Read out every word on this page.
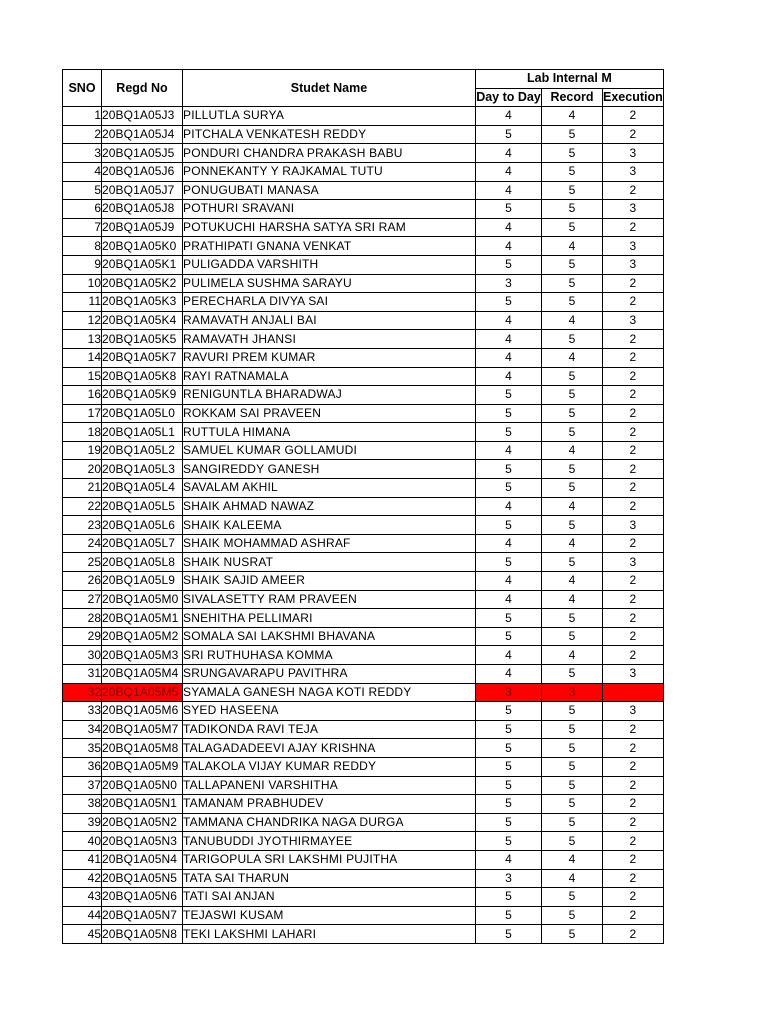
SNO	Regd No	Studet Name	Lab Internal M		
			Day to Day	Record	Execution
1	20BQ1A05J3	PILLUTLA SURYA	4	4	2
2	20BQ1A05J4	PITCHALA VENKATESH REDDY	5	5	2
3	20BQ1A05J5	PONDURI CHANDRA PRAKASH BABU	4	5	3
4	20BQ1A05J6	PONNEKANTY Y RAJKAMAL TUTU	4	5	3
5	20BQ1A05J7	PONUGUBATI MANASA	4	5	2
6	20BQ1A05J8	POTHURI SRAVANI	5	5	3
7	20BQ1A05J9	POTUKUCHI HARSHA SATYA SRI RAM	4	5	2
8	20BQ1A05K0	PRATHIPATI GNANA VENKAT	4	4	3
9	20BQ1A05K1	PULIGADDA VARSHITH	5	5	3
10	20BQ1A05K2	PULIMELA SUSHMA SARAYU	3	5	2
11	20BQ1A05K3	PERECHARLA DIVYA SAI	5	5	2
12	20BQ1A05K4	RAMAVATH ANJALI BAI	4	4	3
13	20BQ1A05K5	RAMAVATH JHANSI	4	5	2
14	20BQ1A05K7	RAVURI PREM KUMAR	4	4	2
15	20BQ1A05K8	RAYI RATNAMALA	4	5	2
16	20BQ1A05K9	RENIGUNTLA BHARADWAJ	5	5	2
17	20BQ1A05L0	ROKKAM SAI PRAVEEN	5	5	2
18	20BQ1A05L1	RUTTULA HIMANA	5	5	2
19	20BQ1A05L2	SAMUEL KUMAR GOLLAMUDI	4	4	2
20	20BQ1A05L3	SANGIREDDY GANESH	5	5	2
21	20BQ1A05L4	SAVALAM AKHIL	5	5	2
22	20BQ1A05L5	SHAIK AHMAD NAWAZ	4	4	2
23	20BQ1A05L6	SHAIK KALEEMA	5	5	3
24	20BQ1A05L7	SHAIK MOHAMMAD ASHRAF	4	4	2
25	20BQ1A05L8	SHAIK NUSRAT	5	5	3
26	20BQ1A05L9	SHAIK SAJID AMEER	4	4	2
27	20BQ1A05M0	SIVALASETTY RAM PRAVEEN	4	4	2
28	20BQ1A05M1	SNEHITHA PELLIMARI	5	5	2
29	20BQ1A05M2	SOMALA SAI LAKSHMI BHAVANA	5	5	2
30	20BQ1A05M3	SRI RUTHUHASA KOMMA	4	4	2
31	20BQ1A05M4	SRUNGAVARAPU PAVITHRA	4	5	3
32	20BQ1A05M5	SYAMALA GANESH NAGA KOTI REDDY	3	3	
33	20BQ1A05M6	SYED HASEENA	5	5	3
34	20BQ1A05M7	TADIKONDA RAVI TEJA	5	5	2
35	20BQ1A05M8	TALAGADADEEVI AJAY KRISHNA	5	5	2
36	20BQ1A05M9	TALAKOLA VIJAY KUMAR REDDY	5	5	2
37	20BQ1A05N0	TALLAPANENI VARSHITHA	5	5	2
38	20BQ1A05N1	TAMANAM PRABHUDEV	5	5	2
39	20BQ1A05N2	TAMMANA CHANDRIKA NAGA DURGA	5	5	2
40	20BQ1A05N3	TANUBUDDI JYOTHIRMAYEE	5	5	2
41	20BQ1A05N4	TARIGOPULA SRI LAKSHMI PUJITHA	4	4	2
42	20BQ1A05N5	TATA SAI THARUN	3	4	2
43	20BQ1A05N6	TATI SAI ANJAN	5	5	2
44	20BQ1A05N7	TEJASWI KUSAM	5	5	2
45	20BQ1A05N8	TEKI LAKSHMI LAHARI	5	5	2
